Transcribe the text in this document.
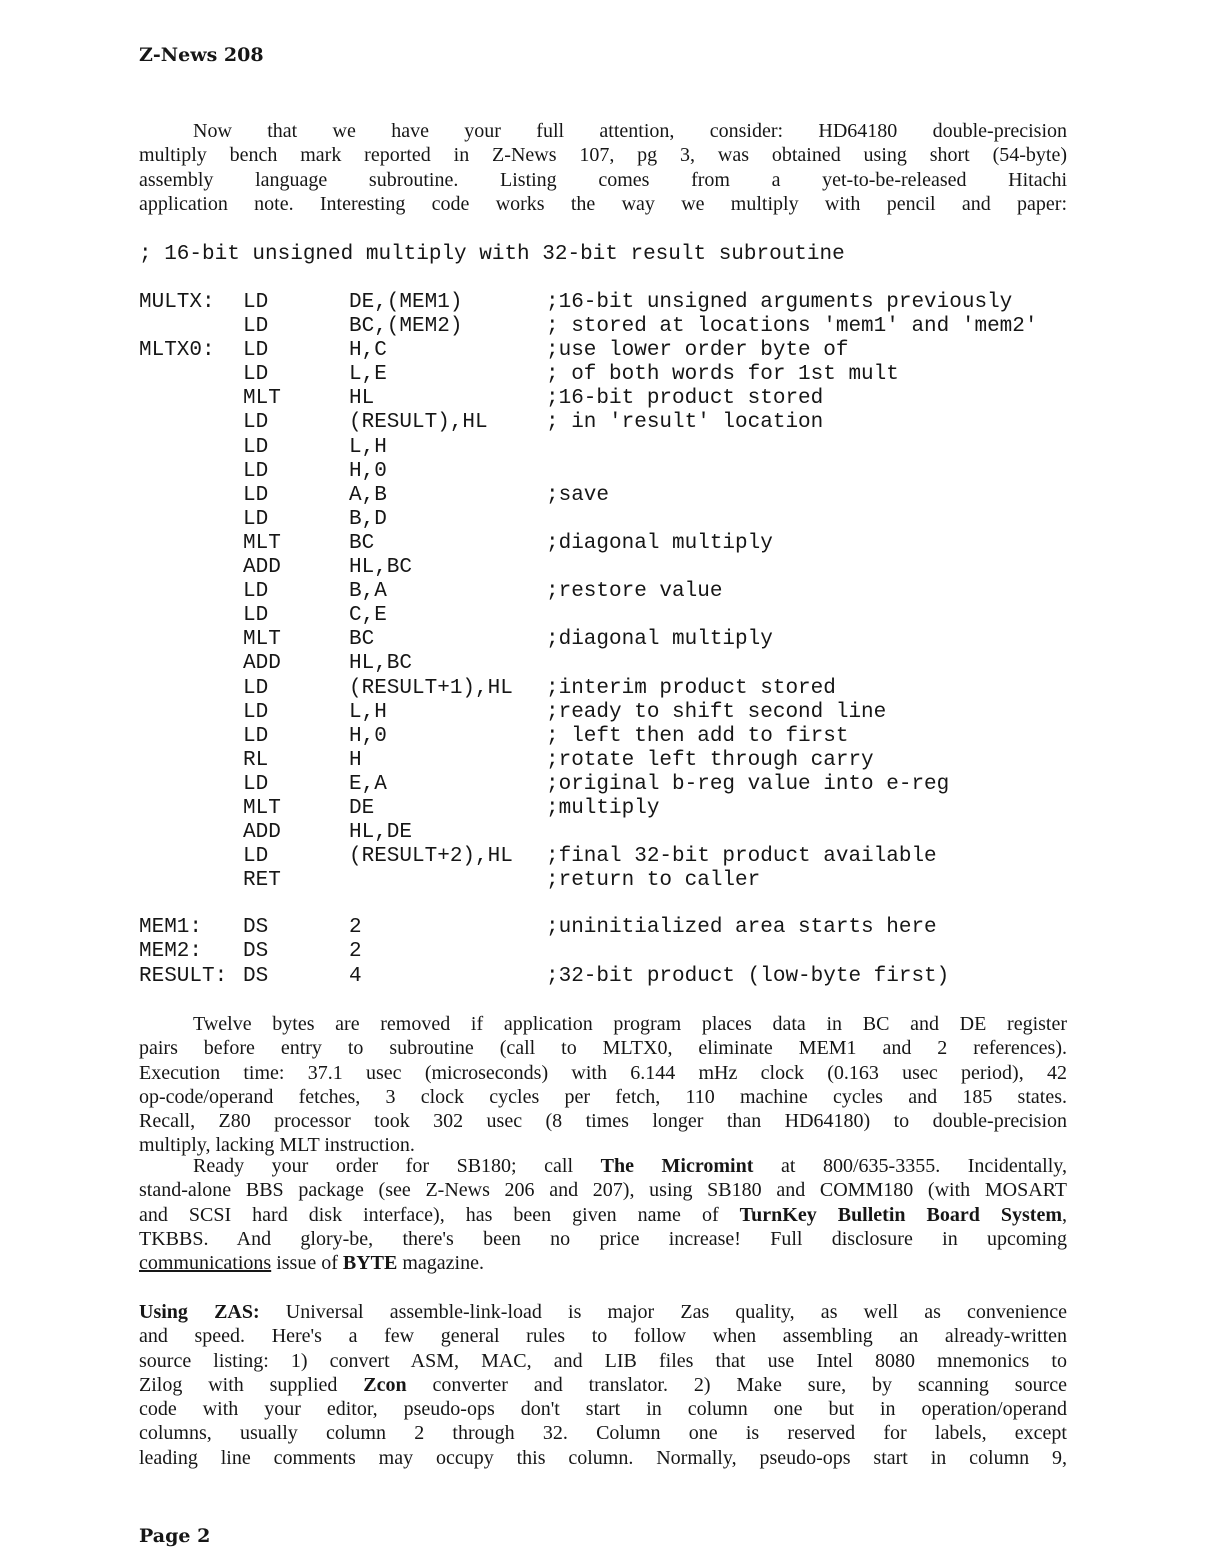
Z-News 208
Now that we have your full attention, consider: HD64180 double-precision
multiply bench mark reported in Z-News 107, pg 3, was obtained using short (54-byte)
assembly language subroutine. Listing comes from a yet-to-be-released Hitachi
application note. Interesting code works the way we multiply with pencil and paper:
; 16-bit unsigned multiply with 32-bit result subroutine
MULTX: LD	DE,(MEM1)	;16-bit unsigned arguments previously
LD	BC,(MEM2)	; stored at locations 'mem1' and 'mem2'
MLTX0: LD	H,C	;use lower order byte of
LD	L,E	; of both words for 1st mult
MLT	HL	;16-bit product stored
LD	(RESULT),HL	; in 'result' location
LD	L,H
LD	H,0
LD	A,B	;save
LD	B,D
MLT	BC	;diagonal multiply
ADD	HL,BC
LD	B,A	;restore value
LD	C,E
MLT	BC	;diagonal multiply
ADD	HL,BC
LD	(RESULT+1),HL ;interim product stored
LD	L,H	;ready to shift second line
LD	H,0	; left then add to first
RL	H	;rotate left through carry
LD	E,A	;original b-reg value into e-reg
MLT	DE	;multiply
ADD	HL,DE
LD	(RESULT+2),HL ;final 32-bit product available
RET	;return to caller
MEM1: DS	2	;uninitialized area starts here
MEM2: DS	2
RESULT: DS	4	;32-bit product (low-byte first)
Twelve bytes are removed if application program places data in BC and DE register
pairs before entry to subroutine (call to MLTX0, eliminate MEM1 and 2 references).
Execution time: 37.1 usec (microseconds) with 6.144 mHz clock (0.163 usec period), 42
op-code/operand fetches, 3 clock cycles per fetch, 110 machine cycles and 185 states.
Recall, Z80 processor took 302 usec (8 times longer than HD64180) to double-precision
multiply, lacking MLT instruction.
Ready your order for SB180; call The Micromint at 800/635-3355. Incidentally,
stand-alone BBS package (see Z-News 206 and 207), using SB180 and COMM180 (with MOSART
and SCSI hard disk interface), has been given name of TurnKey Bulletin Board System,
TKBBS. And glory-be, there's been no price increase! Full disclosure in upcoming
communications issue of BYTE magazine.
Using ZAS: Universal assemble-link-load is major Zas quality, as well as convenience
and speed. Here's a few general rules to follow when assembling an already-written
source listing: 1) convert ASM, MAC, and LIB files that use Intel 8080 mnemonics to
Zilog with supplied Zcon converter and translator. 2) Make sure, by scanning source
code with your editor, pseudo-ops don't start in column one but in operation/operand
columns, usually column 2 through 32. Column one is reserved for labels, except
leading line comments may occupy this column. Normally, pseudo-ops start in column 9,
Page 2
